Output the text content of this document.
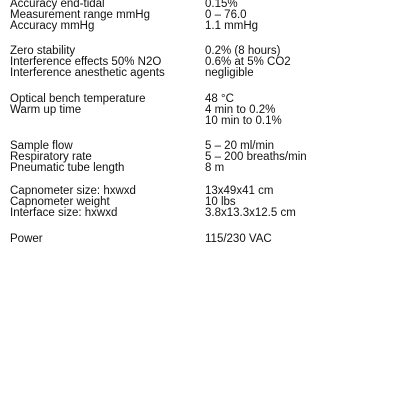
Accuracy end-tidal	0.15%
Measurement range mmHg	0 – 76.0
Accuracy mmHg	1.1 mmHg
Zero stability	0.2% (8 hours)
Interference effects 50% N2O	0.6% at 5% CO2
Interference anesthetic agents	negligible
Optical bench temperature	48 °C
Warm up time	4 min to 0.2%
10 min to 0.1%
Sample flow	5 – 20 ml/min
Respiratory rate	5 – 200 breaths/min
Pneumatic tube length	8 m
Capnometer size: hxwxd	13x49x41 cm
Capnometer weight	10 lbs
Interface size: hxwxd	3.8x13.3x12.5 cm
Power	115/230 VAC
